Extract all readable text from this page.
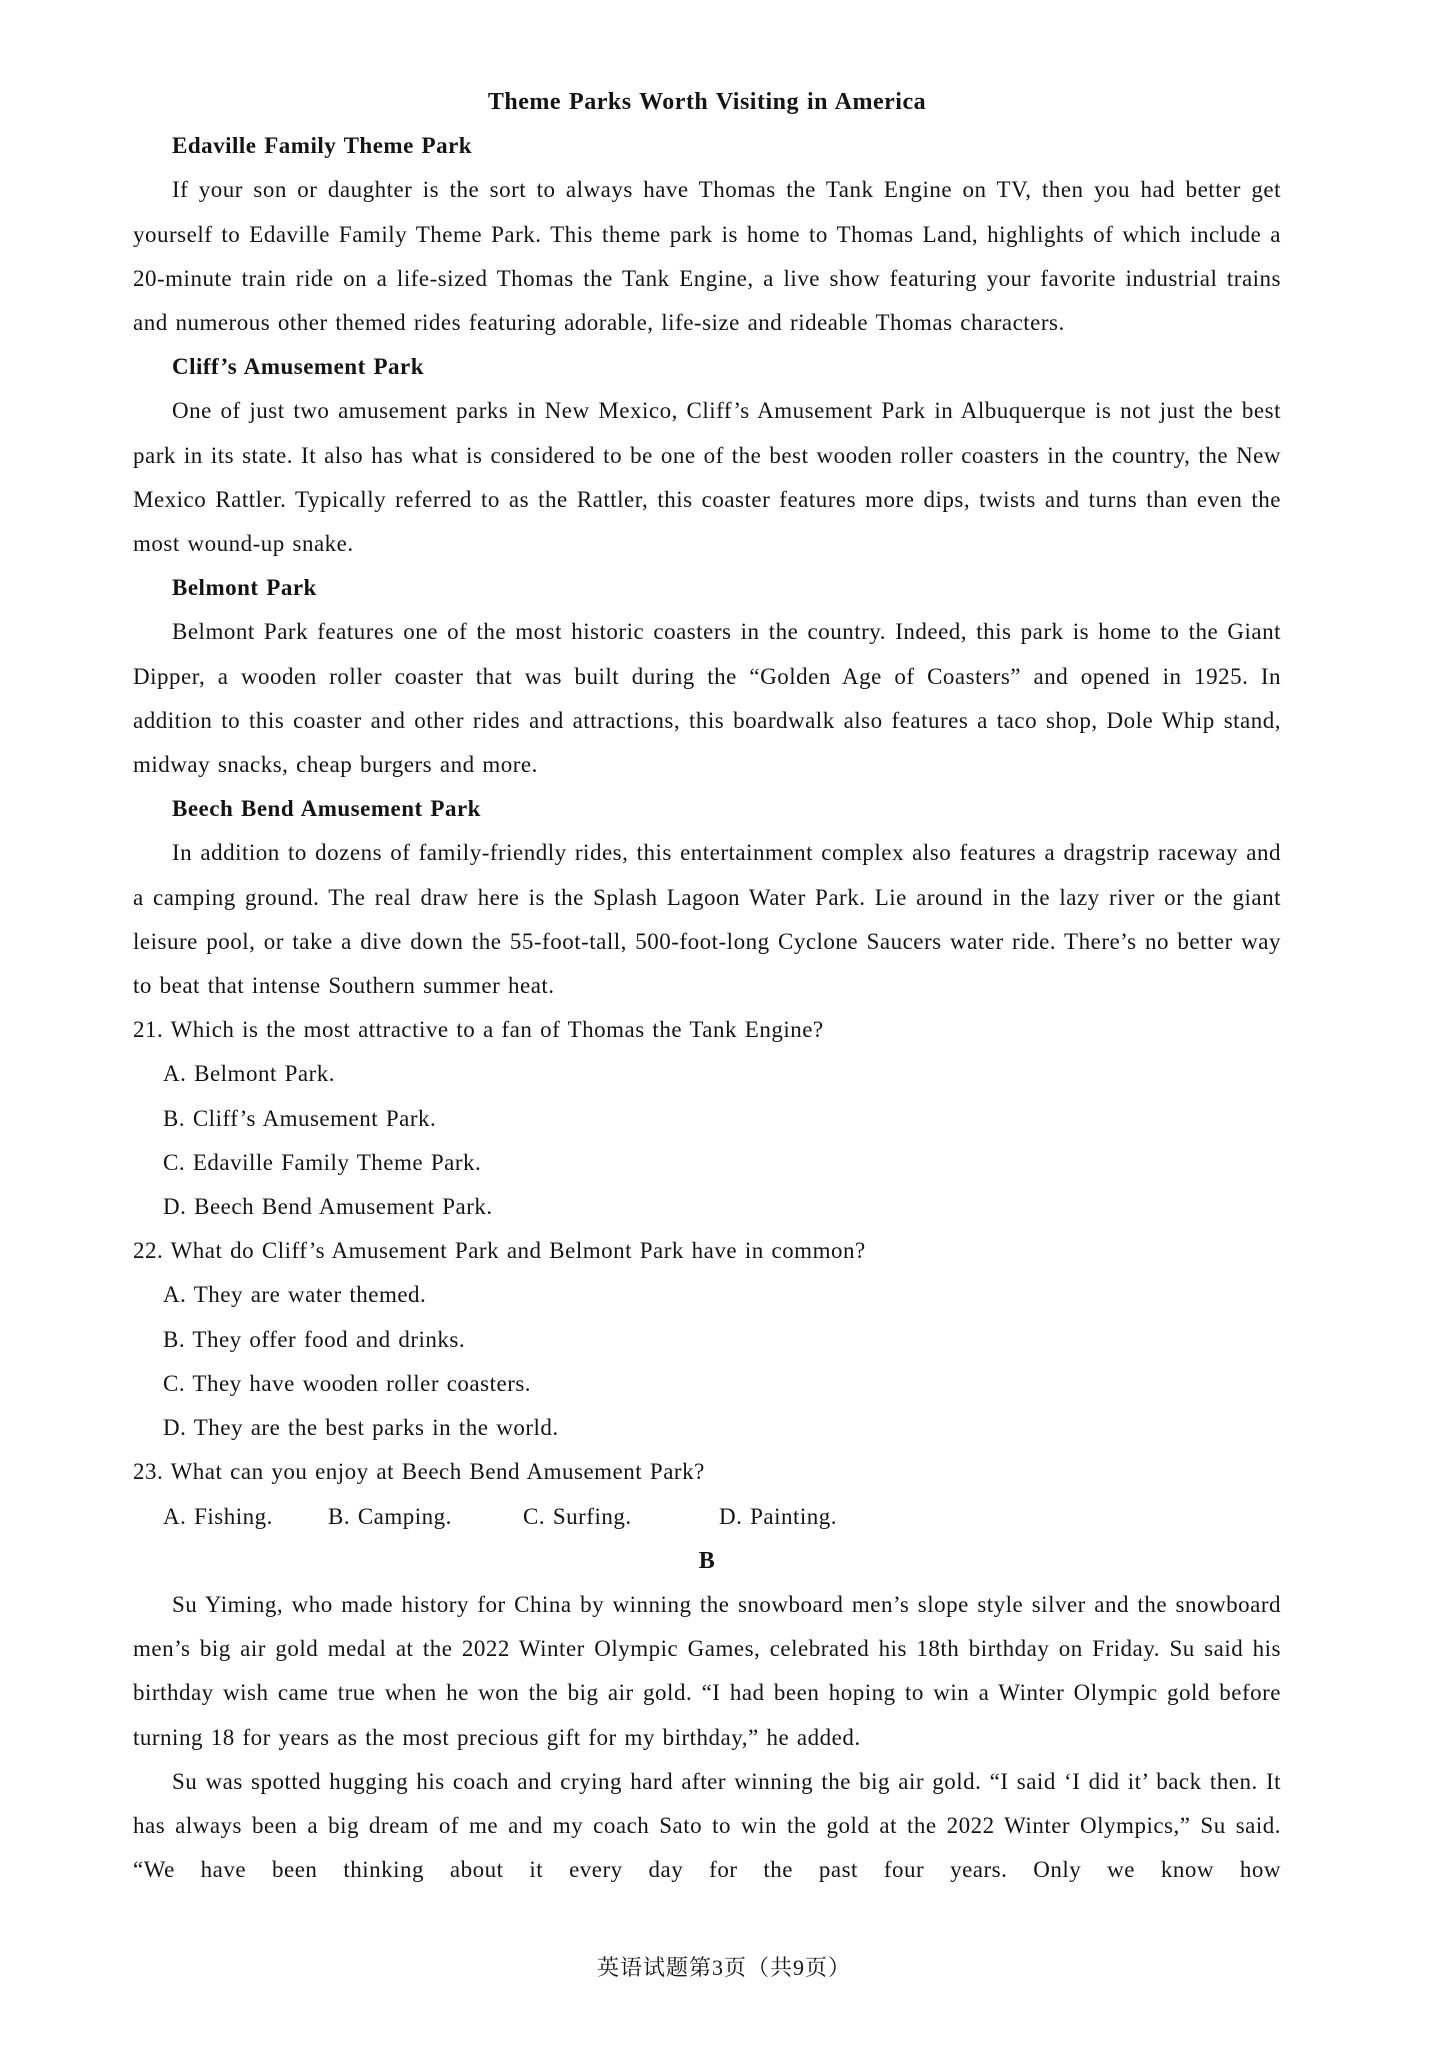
Theme Parks Worth Visiting in America

Edaville Family Theme Park

If your son or daughter is the sort to always have Thomas the Tank Engine on TV, then you had better get yourself to Edaville Family Theme Park. This theme park is home to Thomas Land, highlights of which include a 20-minute train ride on a life-sized Thomas the Tank Engine, a live show featuring your favorite industrial trains and numerous other themed rides featuring adorable, life-size and rideable Thomas characters.

Cliff’s Amusement Park

One of just two amusement parks in New Mexico, Cliff’s Amusement Park in Albuquerque is not just the best park in its state. It also has what is considered to be one of the best wooden roller coasters in the country, the New Mexico Rattler. Typically referred to as the Rattler, this coaster features more dips, twists and turns than even the most wound-up snake.

Belmont Park

Belmont Park features one of the most historic coasters in the country. Indeed, this park is home to the Giant Dipper, a wooden roller coaster that was built during the “Golden Age of Coasters” and opened in 1925. In addition to this coaster and other rides and attractions, this boardwalk also features a taco shop, Dole Whip stand, midway snacks, cheap burgers and more.

Beech Bend Amusement Park

In addition to dozens of family-friendly rides, this entertainment complex also features a dragstrip raceway and a camping ground. The real draw here is the Splash Lagoon Water Park. Lie around in the lazy river or the giant leisure pool, or take a dive down the 55-foot-tall, 500-foot-long Cyclone Saucers water ride. There’s no better way to beat that intense Southern summer heat.

21. Which is the most attractive to a fan of Thomas the Tank Engine?

A. Belmont Park.
B. Cliff’s Amusement Park.
C. Edaville Family Theme Park.
D. Beech Bend Amusement Park.

22. What do Cliff’s Amusement Park and Belmont Park have in common?

A. They are water themed.
B. They offer food and drinks.
C. They have wooden roller coasters.
D. They are the best parks in the world.

23. What can you enjoy at Beech Bend Amusement Park?

A. Fishing. B. Camping.	C. Surfing.	D. Painting.

B

Su Yiming, who made history for China by winning the snowboard men’s slope style silver and the snowboard men’s big air gold medal at the 2022 Winter Olympic Games, celebrated his 18th birthday on Friday. Su said his birthday wish came true when he won the big air gold. “I had been hoping to win a Winter Olympic gold before turning 18 for years as the most precious gift for my birthday,” he added.

Su was spotted hugging his coach and crying hard after winning the big air gold. “I said ‘I did it’ back then. It has always been a big dream of me and my coach Sato to win the gold at the 2022 Winter Olympics,” Su said. “We have been thinking about it every day for the past four years. Only we know how

英语试题第3页（共9页）
